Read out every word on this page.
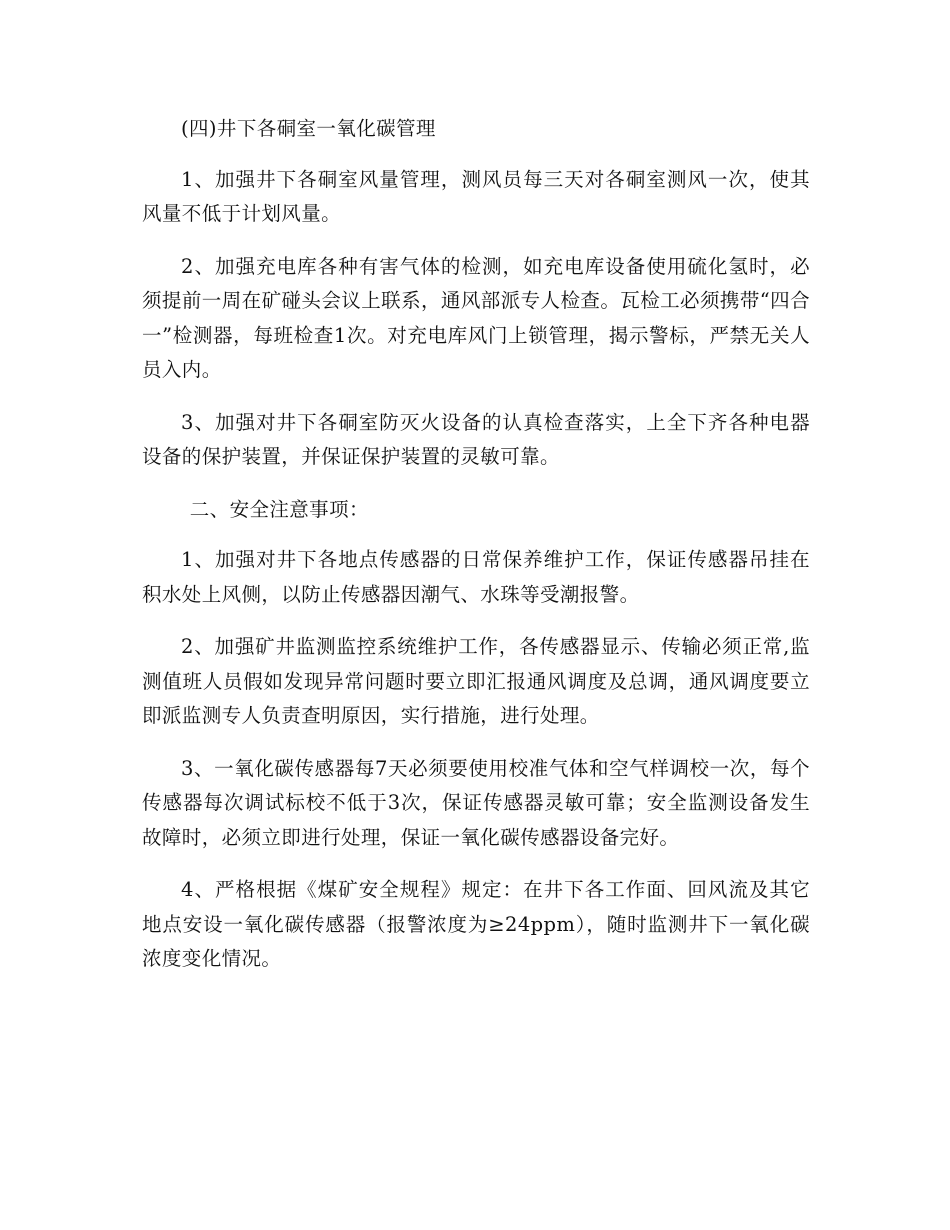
(四)井下各硐室一氧化碳管理

1、加强井下各硐室风量管理，测风员每三天对各硐室测风一次，使其风量不低于计划风量。

2、加强充电库各种有害气体的检测，如充电库设备使用硫化氢时，必须提前一周在矿碰头会议上联系，通风部派专人检查。瓦检工必须携带“四合一”检测器，每班检查1次。对充电库风门上锁管理，揭示警标，严禁无关人员入内。

3、加强对井下各硐室防灭火设备的认真检查落实，上全下齐各种电器设备的保护装置，并保证保护装置的灵敏可靠。

二、安全注意事项：

1、加强对井下各地点传感器的日常保养维护工作，保证传感器吊挂在积水处上风侧，以防止传感器因潮气、水珠等受潮报警。

2、加强矿井监测监控系统维护工作，各传感器显示、传输必须正常,监测值班人员假如发现异常问题时要立即汇报通风调度及总调，通风调度要立即派监测专人负责查明原因，实行措施，进行处理。

3、一氧化碳传感器每7天必须要使用校准气体和空气样调校一次，每个传感器每次调试标校不低于3次，保证传感器灵敏可靠；安全监测设备发生故障时，必须立即进行处理，保证一氧化碳传感器设备完好。

4、严格根据《煤矿安全规程》规定：在井下各工作面、回风流及其它地点安设一氧化碳传感器（报警浓度为≥24ppm），随时监测井下一氧化碳浓度变化情况。
